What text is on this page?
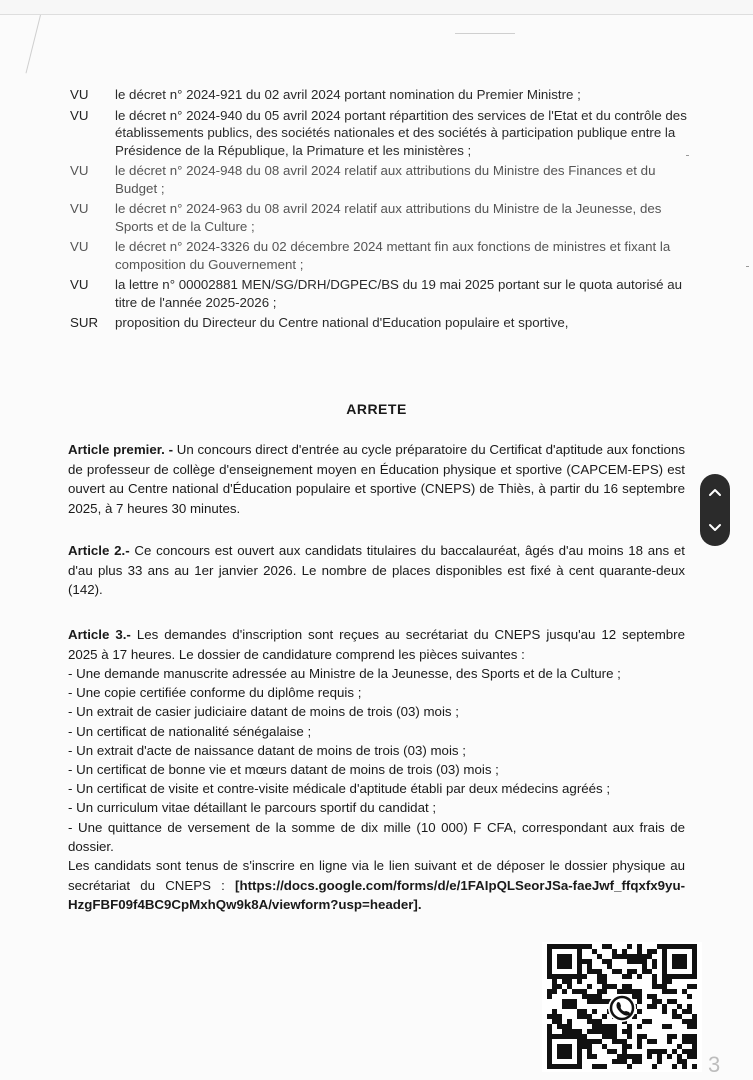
VU	le décret n° 2024-921 du 02 avril 2024 portant nomination du Premier Ministre ;
VU	le décret n° 2024-940 du 05 avril 2024 portant répartition des services de l'Etat et du contrôle des établissements publics, des sociétés nationales et des sociétés à participation publique entre la Présidence de la République, la Primature et les ministères ;
VU	le décret n° 2024-948 du 08 avril 2024 relatif aux attributions du Ministre des Finances et du Budget ;
VU	le décret n° 2024-963 du 08 avril 2024 relatif aux attributions du Ministre de la Jeunesse, des Sports et de la Culture ;
VU	le décret n° 2024-3326 du 02 décembre 2024 mettant fin aux fonctions de ministres et fixant la composition du Gouvernement ;
VU	la lettre n° 00002881 MEN/SG/DRH/DGPEC/BS du 19 mai 2025 portant sur le quota autorisé au titre de l'année 2025-2026 ;
SUR	proposition du Directeur du Centre national d'Education populaire et sportive,
ARRETE
Article premier. - Un concours direct d'entrée au cycle préparatoire du Certificat d'aptitude aux fonctions de professeur de collège d'enseignement moyen en Éducation physique et sportive (CAPCEM-EPS) est ouvert au Centre national d'Éducation populaire et sportive (CNEPS) de Thiès, à partir du 16 septembre 2025, à 7 heures 30 minutes.
Article 2.- Ce concours est ouvert aux candidats titulaires du baccalauréat, âgés d'au moins 18 ans et d'au plus 33 ans au 1er janvier 2026. Le nombre de places disponibles est fixé à cent quarante-deux (142).
Article 3.- Les demandes d'inscription sont reçues au secrétariat du CNEPS jusqu'au 12 septembre 2025 à 17 heures. Le dossier de candidature comprend les pièces suivantes :
- Une demande manuscrite adressée au Ministre de la Jeunesse, des Sports et de la Culture ;
- Une copie certifiée conforme du diplôme requis ;
- Un extrait de casier judiciaire datant de moins de trois (03) mois ;
- Un certificat de nationalité sénégalaise ;
- Un extrait d'acte de naissance datant de moins de trois (03) mois ;
- Un certificat de bonne vie et mœurs datant de moins de trois (03) mois ;
- Un certificat de visite et contre-visite médicale d'aptitude établi par deux médecins agréés ;
- Un curriculum vitae détaillant le parcours sportif du candidat ;
- Une quittance de versement de la somme de dix mille (10 000) F CFA, correspondant aux frais de dossier.
Les candidats sont tenus de s'inscrire en ligne via le lien suivant et de déposer le dossier physique au secrétariat du CNEPS : [https://docs.google.com/forms/d/e/1FAIpQLSeorJSa-faeJwf_ffqxfx9yu-HzgFBF09f4BC9CpMxhQw9k8A/viewform?usp=header].
3
